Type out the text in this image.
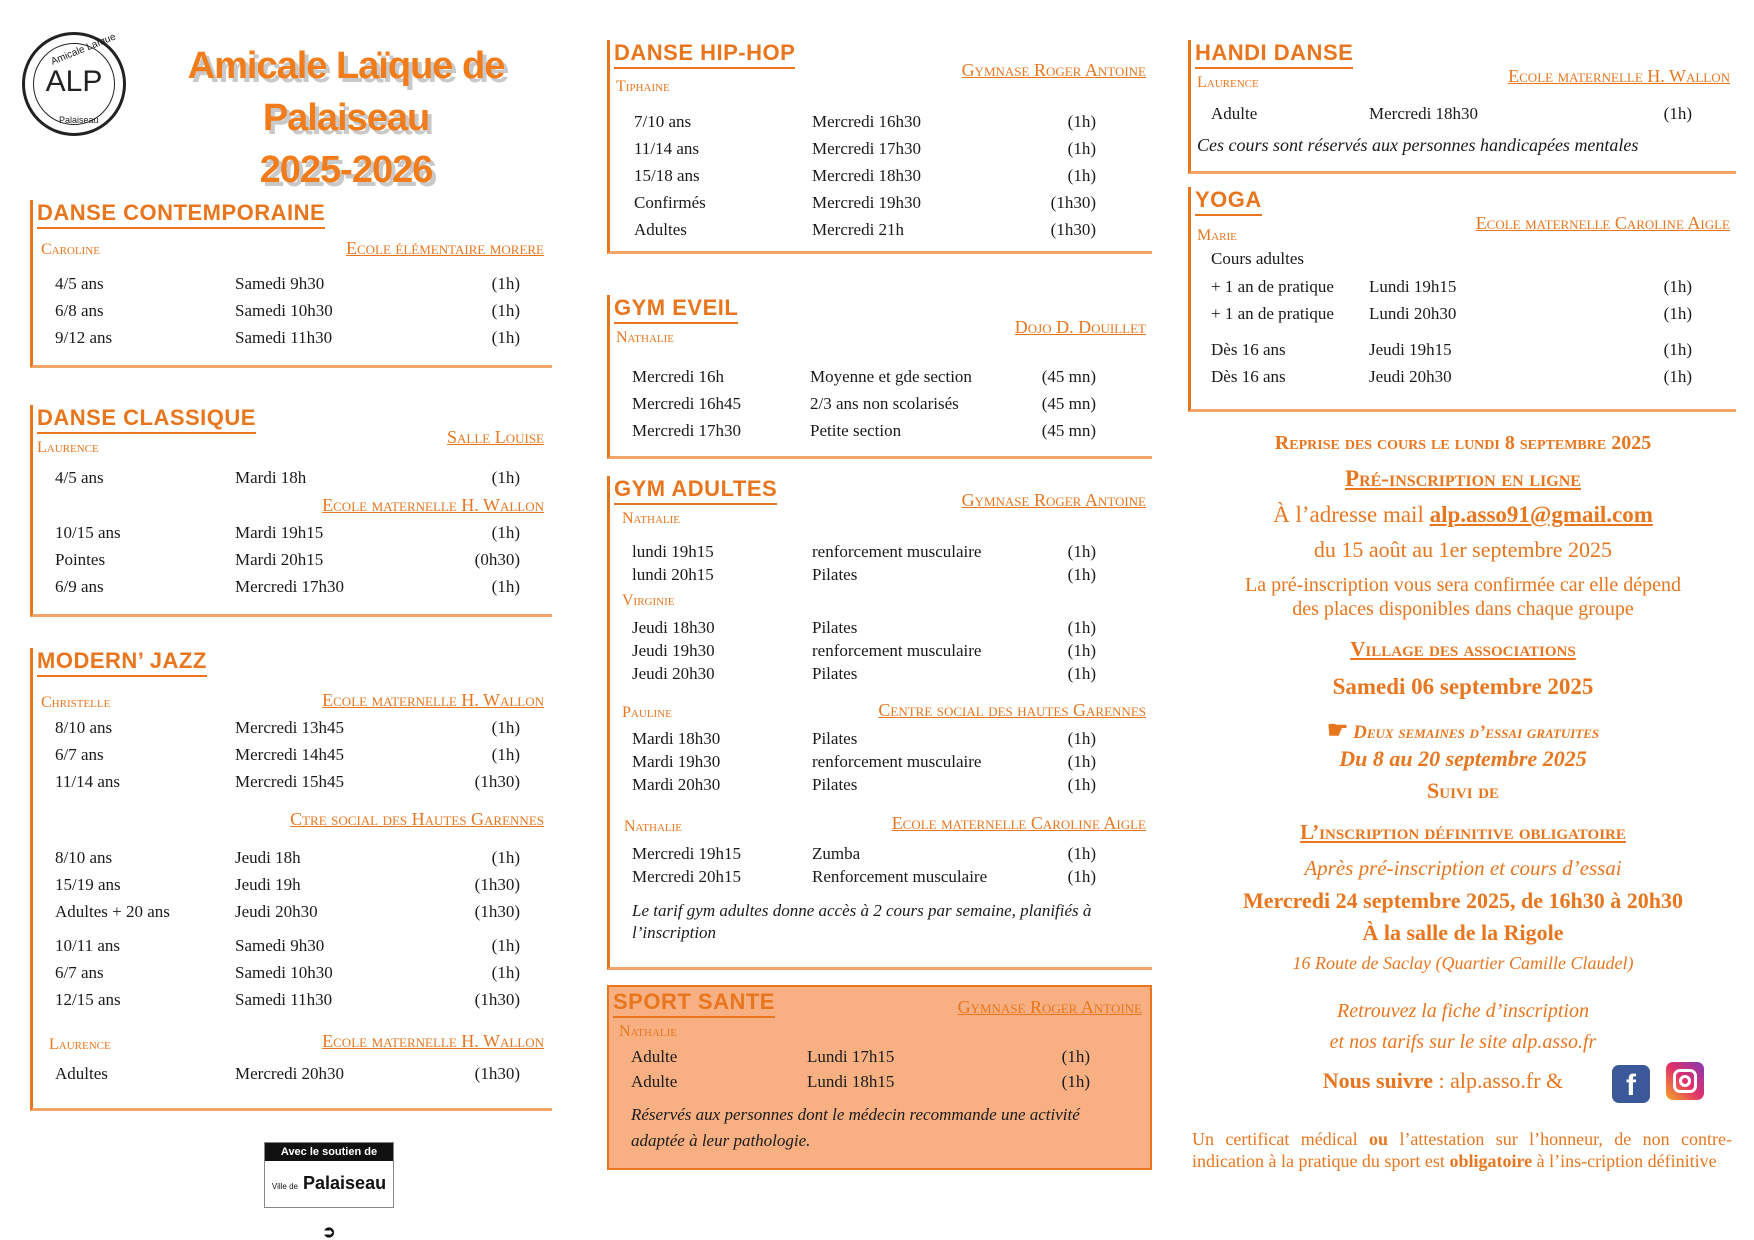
Amicale Laïque
ALP
Palaiseau
Amicale Laïque de Palaiseau
2025-2026
DANSE CONTEMPORAINE
Caroline	Ecole élémentaire morere
4/5 ans	Samedi 9h30	(1h)
6/8 ans	Samedi 10h30	(1h)
9/12 ans	Samedi 11h30	(1h)
DANSE CLASSIQUE
Laurence
Salle Louise
4/5 ans	Mardi 18h	(1h)
Ecole maternelle H. Wallon
10/15 ans	Mardi 19h15	(1h)
Pointes	Mardi 20h15	(0h30)
6/9 ans	Mercredi 17h30	(1h)
MODERN’ JAZZ
Christelle	Ecole maternelle H. Wallon
8/10 ans	Mercredi 13h45	(1h)
6/7 ans	Mercredi 14h45	(1h)
11/14 ans	Mercredi 15h45	(1h30)
Ctre social des Hautes Garennes
8/10 ans	Jeudi 18h	(1h)
15/19 ans	Jeudi 19h	(1h30)
Adultes + 20 ans	Jeudi 20h30	(1h30)
10/11 ans	Samedi 9h30	(1h)
6/7 ans	Samedi 10h30	(1h)
12/15 ans	Samedi 11h30	(1h30)
Laurence	Ecole maternelle H. Wallon
Adultes	Mercredi 20h30	(1h30)
Avec le soutien de
Ville de Palaiseau ➲
DANSE HIP-HOP
Tiphaine
Gymnase Roger Antoine
7/10 ans	Mercredi 16h30	(1h)
11/14 ans	Mercredi 17h30	(1h)
15/18 ans	Mercredi 18h30	(1h)
Confirmés	Mercredi 19h30	(1h30)
Adultes	Mercredi 21h	(1h30)
GYM EVEIL
Nathalie
Dojo D. Douillet
Mercredi 16h	Moyenne et gde section	(45 mn)
Mercredi 16h45	2/3 ans non scolarisés	(45 mn)
Mercredi 17h30	Petite section	(45 mn)
GYM ADULTES
Nathalie
Gymnase Roger Antoine
lundi 19h15	renforcement musculaire	(1h)
lundi 20h15	Pilates	(1h)
Virginie
Jeudi 18h30	Pilates	(1h)
Jeudi 19h30	renforcement musculaire	(1h)
Jeudi 20h30	Pilates	(1h)
Pauline	Centre social des hautes Garennes
Mardi 18h30	Pilates	(1h)
Mardi 19h30	renforcement musculaire	(1h)
Mardi 20h30	Pilates	(1h)
Nathalie	Ecole maternelle Caroline Aigle
Mercredi 19h15	Zumba	(1h)
Mercredi 20h15	Renforcement musculaire	(1h)
Le tarif gym adultes donne accès à 2 cours par semaine, planifiés à l’inscription
SPORT SANTE
Nathalie
Gymnase Roger Antoine
Adulte	Lundi 17h15	(1h)
Adulte	Lundi 18h15	(1h)
Réservés aux personnes dont le médecin recommande une activité adaptée à leur pathologie.
HANDI DANSE
Laurence	Ecole maternelle H. Wallon
Adulte	Mercredi 18h30	(1h)
Ces cours sont réservés aux personnes handicapées mentales
YOGA
Marie
Ecole maternelle Caroline Aigle
Cours adultes
+ 1 an de pratique Lundi 19h15	(1h)
+ 1 an de pratique Lundi 20h30	(1h)
Dès 16 ans	Jeudi 19h15	(1h)
Dès 16 ans	Jeudi 20h30	(1h)
Reprise des cours le lundi 8 septembre 2025
Pré-inscription en ligne
À l’adresse mail alp.asso91@gmail.com
du 15 août au 1er septembre 2025
La pré-inscription vous sera confirmée car elle dépend
des places disponibles dans chaque groupe
Village des associations
Samedi 06 septembre 2025
☛ Deux semaines d’essai gratuites
Du 8 au 20 septembre 2025
Suivi de
L’inscription définitive obligatoire
Après pré-inscription et cours d’essai
Mercredi 24 septembre 2025, de 16h30 à 20h30
À la salle de la Rigole
16 Route de Saclay (Quartier Camille Claudel)
Retrouvez la fiche d’inscription
et nos tarifs sur le site alp.asso.fr
Nous suivre : alp.asso.fr &	f
Un certificat médical ou l’attestation sur l’honneur, de non contre-indication à la pratique du sport est obligatoire à l’ins-cription définitive
